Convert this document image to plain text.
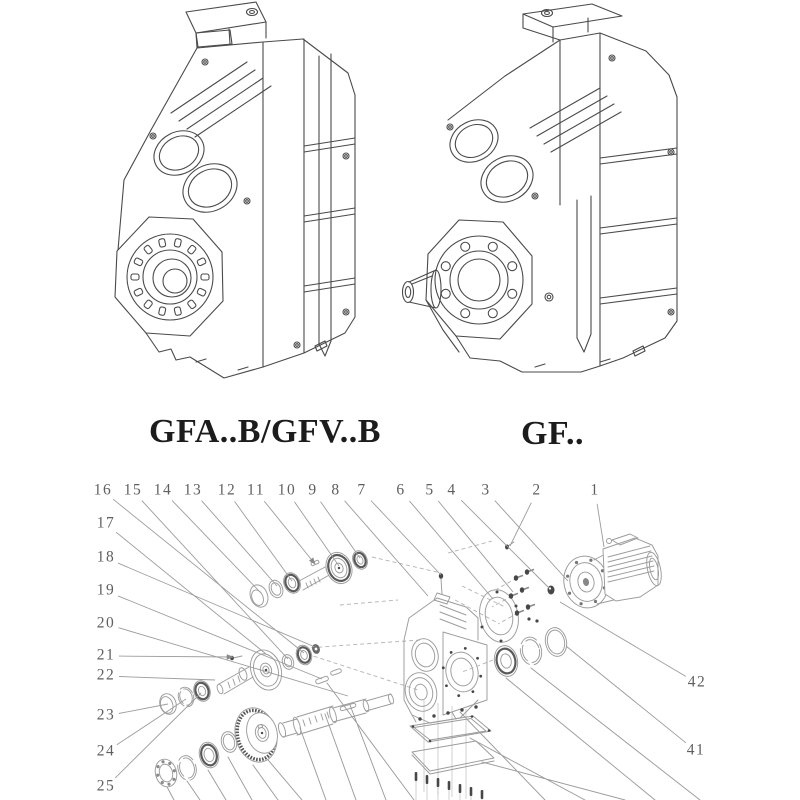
16 15 14 13 12 11 10 9 8 7 6 5 4 3	2	1
17
18
19
20
21
22
23
24
25
42
41
GFA..B/GFV..B	GF..
